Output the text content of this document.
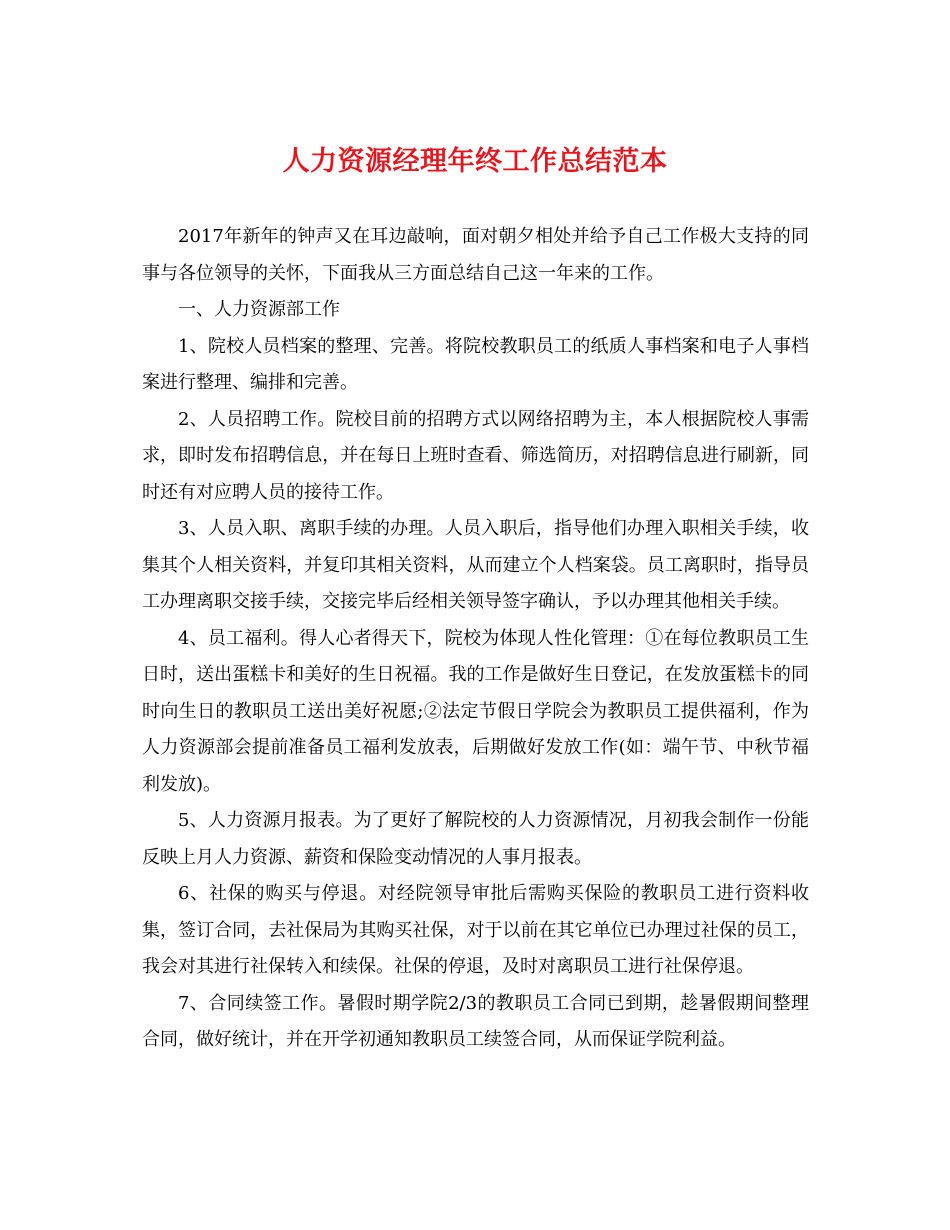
人力资源经理年终工作总结范本

2017年新年的钟声又在耳边敲响，面对朝夕相处并给予自己工作极大支持的同事与各位领导的关怀，下面我从三方面总结自己这一年来的工作。

一、人力资源部工作

1、院校人员档案的整理、完善。将院校教职员工的纸质人事档案和电子人事档案进行整理、编排和完善。

2、人员招聘工作。院校目前的招聘方式以网络招聘为主，本人根据院校人事需求，即时发布招聘信息，并在每日上班时查看、筛选简历，对招聘信息进行刷新，同时还有对应聘人员的接待工作。

3、人员入职、离职手续的办理。人员入职后，指导他们办理入职相关手续，收集其个人相关资料，并复印其相关资料，从而建立个人档案袋。员工离职时，指导员工办理离职交接手续，交接完毕后经相关领导签字确认，予以办理其他相关手续。

4、员工福利。得人心者得天下，院校为体现人性化管理：①在每位教职员工生日时，送出蛋糕卡和美好的生日祝福。我的工作是做好生日登记，在发放蛋糕卡的同时向生日的教职员工送出美好祝愿;②法定节假日学院会为教职员工提供福利，作为人力资源部会提前准备员工福利发放表，后期做好发放工作(如：端午节、中秋节福利发放)。

5、人力资源月报表。为了更好了解院校的人力资源情况，月初我会制作一份能反映上月人力资源、薪资和保险变动情况的人事月报表。

6、社保的购买与停退。对经院领导审批后需购买保险的教职员工进行资料收集，签订合同，去社保局为其购买社保，对于以前在其它单位已办理过社保的员工，我会对其进行社保转入和续保。社保的停退，及时对离职员工进行社保停退。

7、合同续签工作。暑假时期学院2/3的教职员工合同已到期，趁暑假期间整理合同，做好统计，并在开学初通知教职员工续签合同，从而保证学院利益。
